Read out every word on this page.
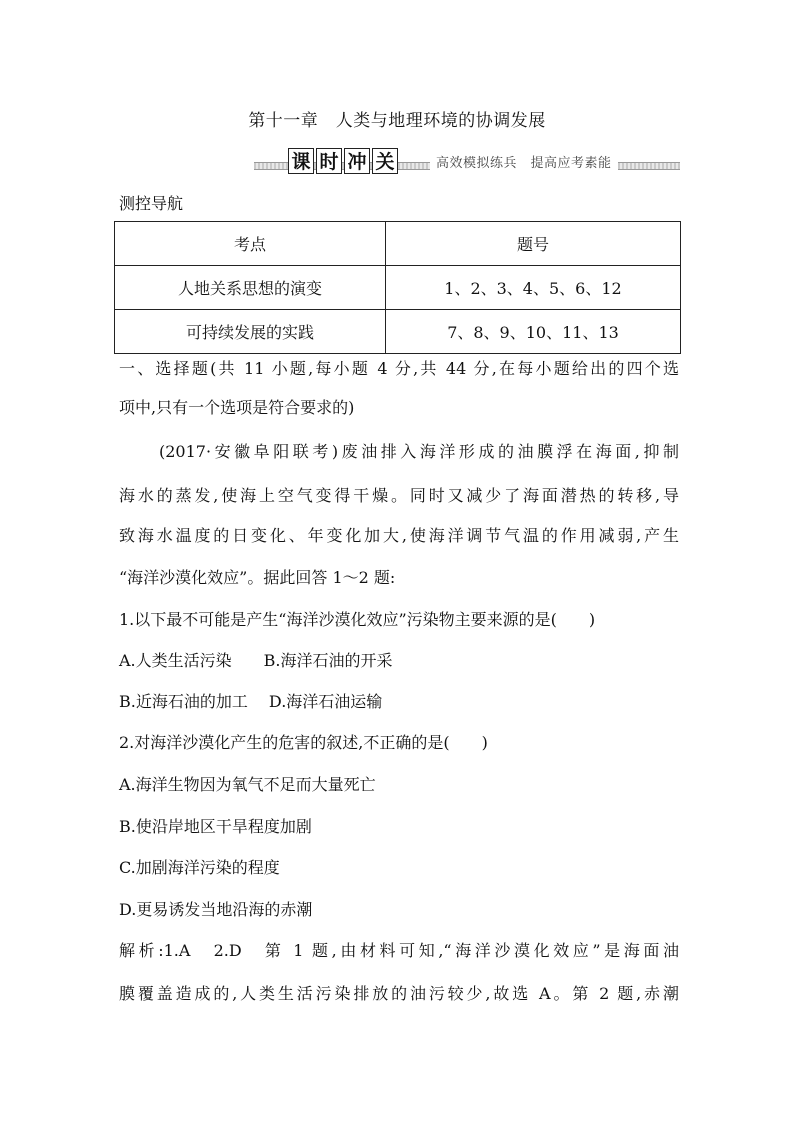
第十一章　人类与地理环境的协调发展
课 时 冲 关	高效模拟练兵　提高应考素能
测控导航
考点	题号
人地关系思想的演变	1、2、3、4、5、6、12
可持续发展的实践	7、8、9、10、11、13
一、选择题(共 11 小题,每小题 4 分,共 44 分,在每小题给出的四个选
项中,只有一个选项是符合要求的)
(2017·安徽阜阳联考)废油排入海洋形成的油膜浮在海面,抑制
海水的蒸发,使海上空气变得干燥。同时又减少了海面潜热的转移,导
致海水温度的日变化、年变化加大,使海洋调节气温的作用减弱,产生
“海洋沙漠化效应”。据此回答 1～2 题:
1.以下最不可能是产生“海洋沙漠化效应”污染物主要来源的是(　　)
A.人类生活污染　　B.海洋石油的开采
B.近海石油的加工　 D.海洋石油运输
2.对海洋沙漠化产生的危害的叙述,不正确的是(　　)
A.海洋生物因为氧气不足而大量死亡
B.使沿岸地区干旱程度加剧
C.加剧海洋污染的程度
D.更易诱发当地沿海的赤潮
解析:1.A　2.D　第 1 题,由材料可知,“海洋沙漠化效应”是海面油
膜覆盖造成的,人类生活污染排放的油污较少,故选 A。第 2 题,赤潮
